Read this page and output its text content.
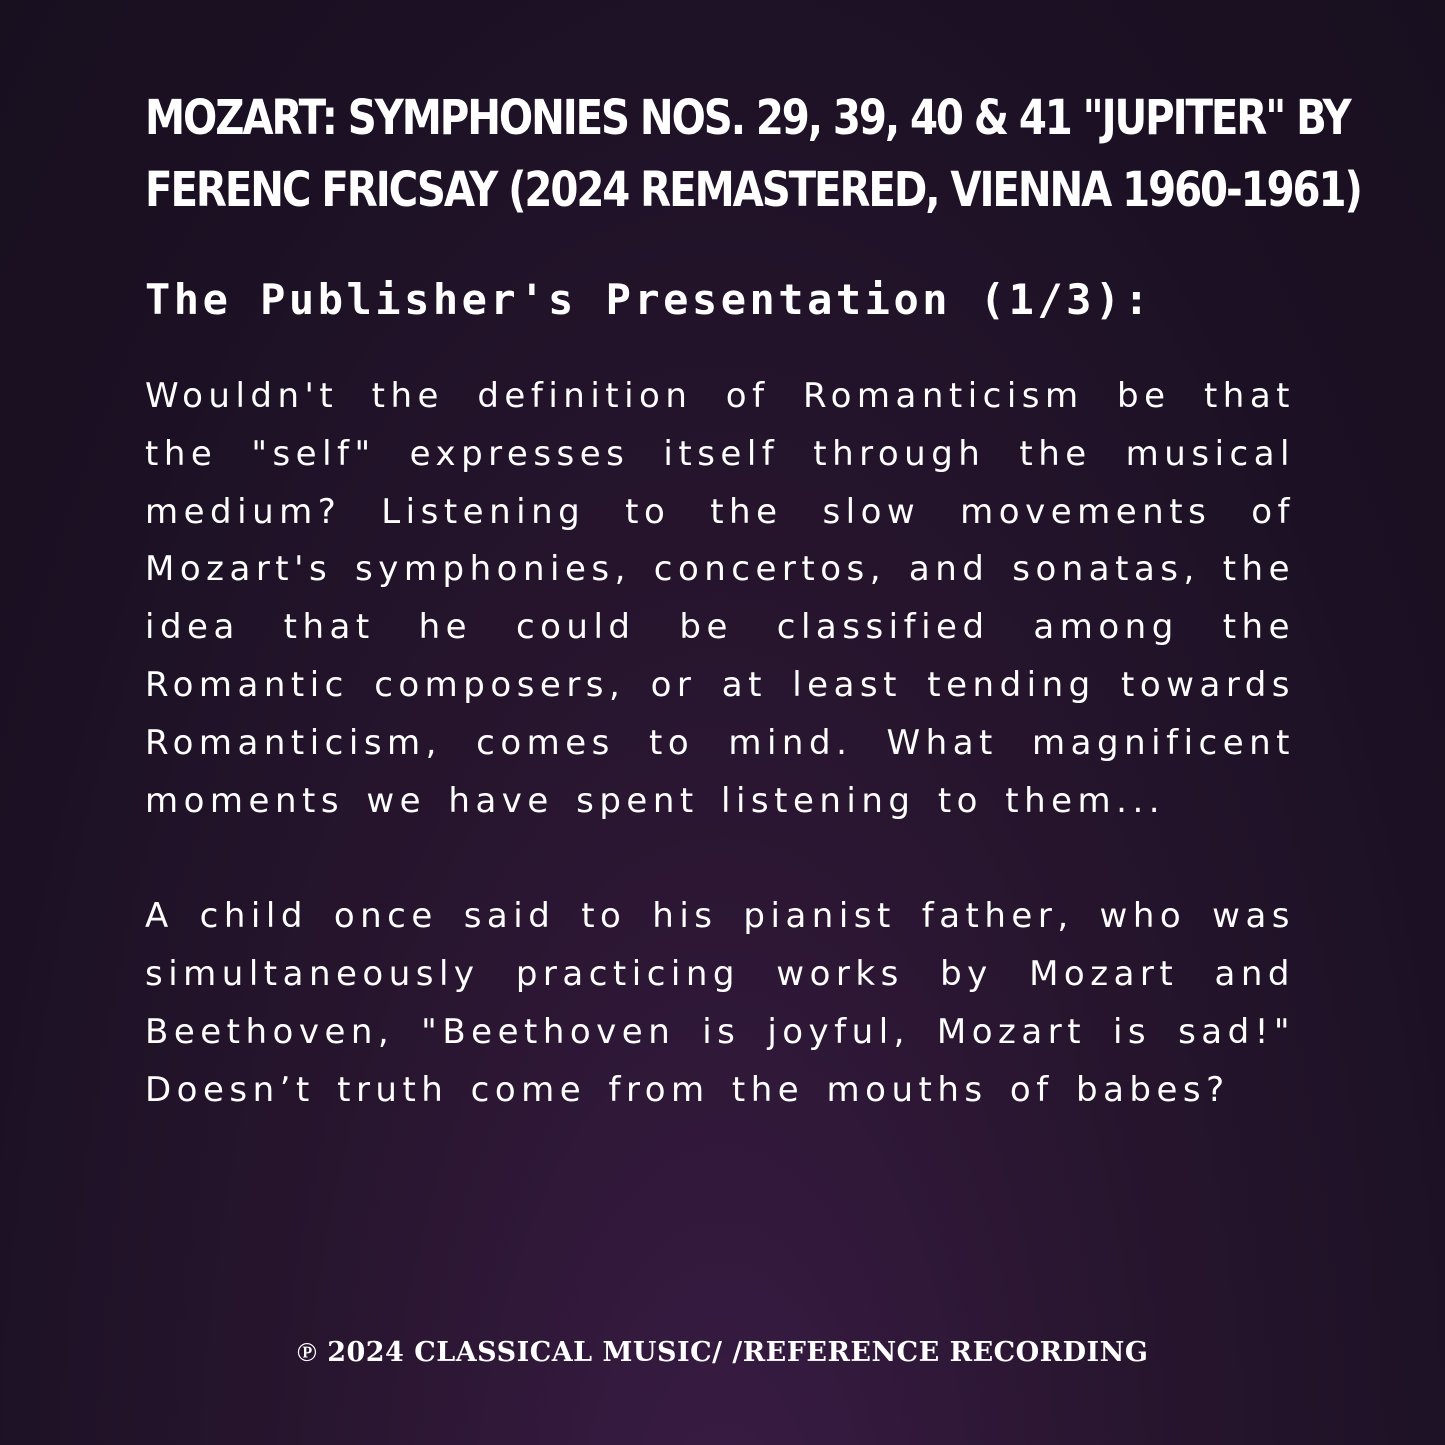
MOZART: SYMPHONIES NOS. 29, 39, 40 & 41 "JUPITER" BY
FERENC FRICSAY (2024 REMASTERED, VIENNA 1960-1961)
The Publisher's Presentation (1/3):

Wouldn't the definition of Romanticism be that the "self" expresses itself through the musical medium? Listening to the slow movements of Mozart's symphonies, concertos, and sonatas, the idea that he could be classified among the Romantic composers, or at least tending towards Romanticism, comes to mind. What magnificent moments we have spent listening to them...

A child once said to his pianist father, who was simultaneously practicing works by Mozart and Beethoven, "Beethoven is joyful, Mozart is sad!" Doesn’t truth come from the mouths of babes?

℗ 2024 CLASSICAL MUSIC/ /REFERENCE RECORDING
